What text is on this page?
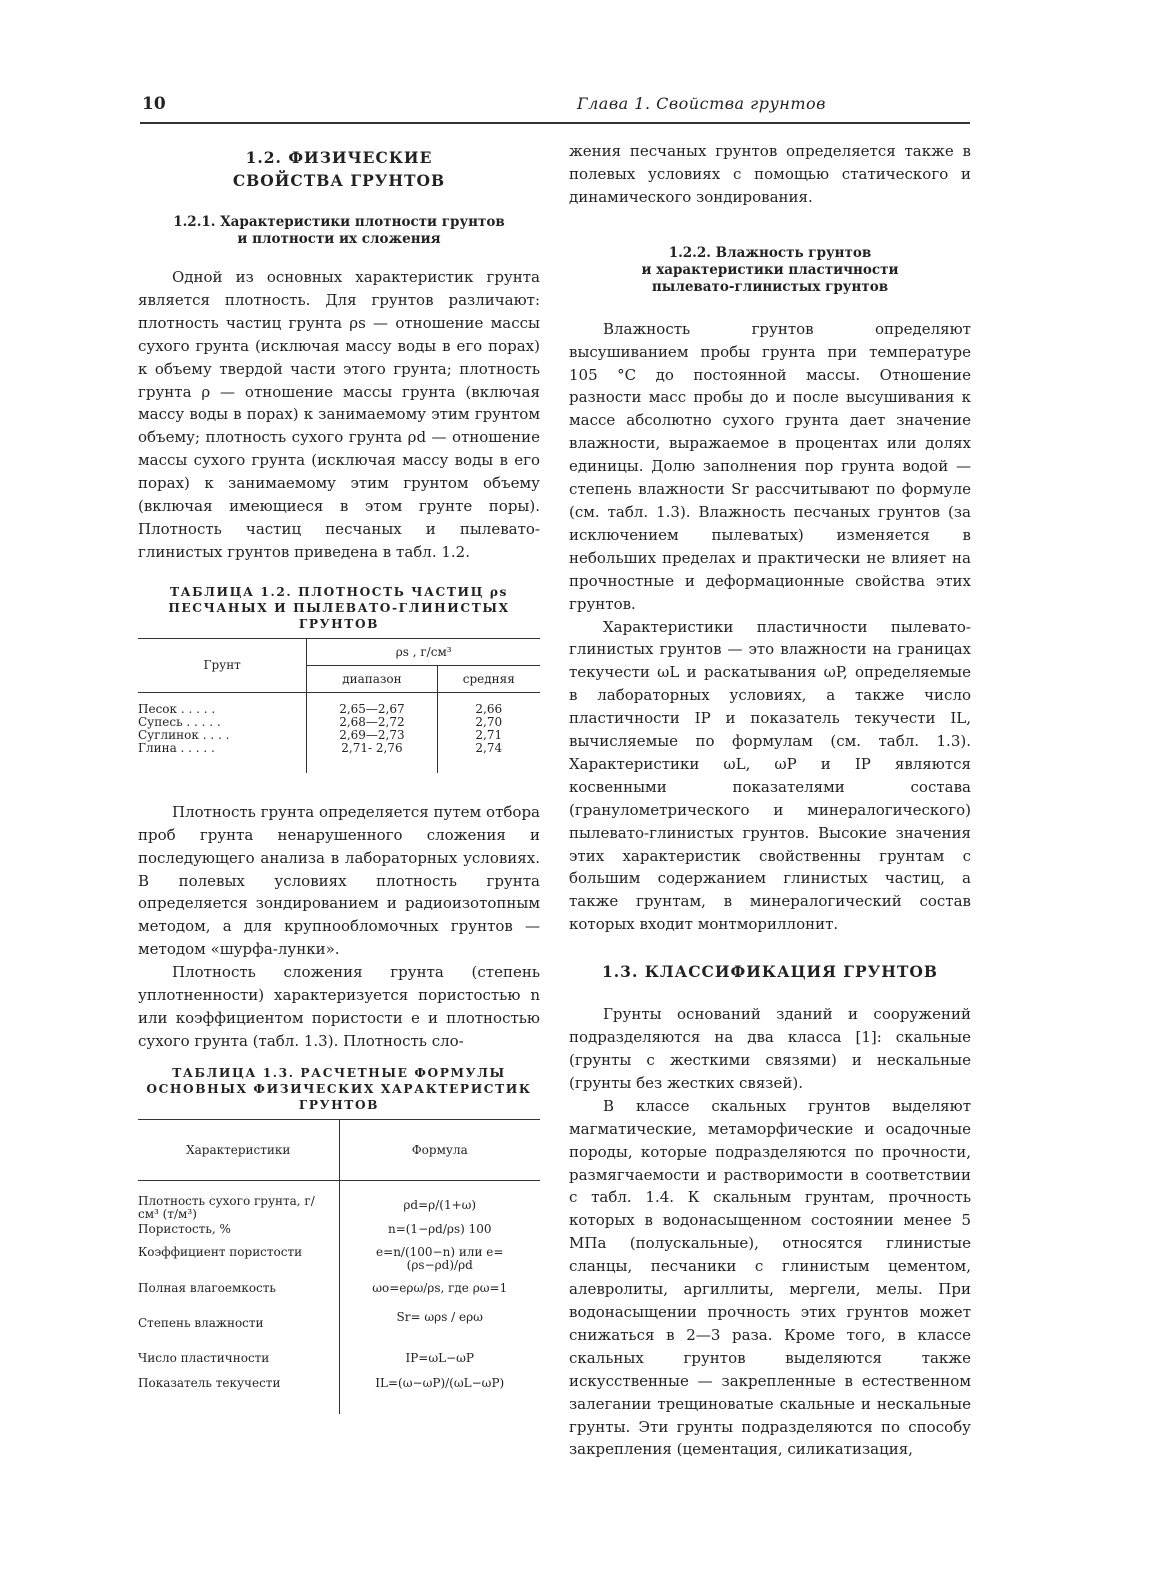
10	Глава 1. Свойства грунтов

1.2. ФИЗИЧЕСКИЕ

СВОЙСТВА ГРУНТОВ

1.2.1. Характеристики плотности грунтов

и плотности их сложения

Одной из основных характеристик грунта является плотность. Для грунтов различают: плотность частиц грунта ρs — отношение массы сухого грунта (исключая массу воды в его порах) к объему твердой части этого грунта; плотность грунта ρ — отношение массы грунта (включая массу воды в порах) к занимаемому этим грунтом объему; плотность сухого грунта ρd — отношение массы сухого грунта (исключая массу воды в его порах) к занимаемому этим грунтом объему (включая имеющиеся в этом грунте поры). Плотность частиц песчаных и пылевато-глинистых грунтов приведена в табл. 1.2.

ТАБЛИЦА 1.2. ПЛОТНОСТЬ ЧАСТИЦ ρs

ПЕСЧАНЫХ И ПЫЛЕВАТО-ГЛИНИСТЫХ ГРУНТОВ

Грунт	ρs , г/см³	
	диапазон	средняя
Песок . . . . .	2,65—2,67	2,66
Супесь . . . . .	2,68—2,72	2,70
Суглинок . . . .	2,69—2,73	2,71
Глина . . . . .	2,71- 2,76	2,74

Плотность грунта определяется путем отбора проб грунта ненарушенного сложения и последующего анализа в лабораторных условиях. В полевых условиях плотность грунта определяется зондированием и радиоизотопным методом, а для крупнообломочных грунтов — методом «шурфа-лунки».

Плотность сложения грунта (степень уплотненности) характеризуется пористостью n или коэффициентом пористости e и плотностью сухого грунта (табл. 1.3). Плотность сло-

ТАБЛИЦА 1.3. РАСЧЕТНЫЕ ФОРМУЛЫ

ОСНОВНЫХ ФИЗИЧЕСКИХ ХАРАКТЕРИСТИК

ГРУНТОВ

Характеристики	Формула
Плотность сухого грунта, г/см³ (т/м³)	ρd=ρ/(1+ω)
Пористость, %	n=(1−ρd/ρs) 100
Коэффициент пористости	e=n/(100−n) или e=(ρs−ρd)/ρd
Полная влагоемкость	ωo=eρω/ρs, где ρω=1
Степень влажности	Sr= ωρs / eρω
Число пластичности	IP=ωL−ωP
Показатель текучести	IL=(ω−ωP)/(ωL−ωP)

жения песчаных грунтов определяется также в полевых условиях с помощью статического и динамического зондирования.

1.2.2. Влажность грунтов

и характеристики пластичности

пылевато-глинистых грунтов

Влажность грунтов определяют высушиванием пробы грунта при температуре 105 °С до постоянной массы. Отношение разности масс пробы до и после высушивания к массе абсолютно сухого грунта дает значение влажности, выражаемое в процентах или долях единицы. Долю заполнения пор грунта водой — степень влажности Sr рассчитывают по формуле (см. табл. 1.3). Влажность песчаных грунтов (за исключением пылеватых) изменяется в небольших пределах и практически не влияет на прочностные и деформационные свойства этих грунтов.

Характеристики пластичности пылевато-глинистых грунтов — это влажности на границах текучести ωL и раскатывания ωP, определяемые в лабораторных условиях, а также число пластичности IP и показатель текучести IL, вычисляемые по формулам (см. табл. 1.3). Характеристики ωL, ωP и IP являются косвенными показателями состава (гранулометрического и минералогического) пылевато-глинистых грунтов. Высокие значения этих характеристик свойственны грунтам с большим содержанием глинистых частиц, а также грунтам, в минералогический состав которых входит монтмориллонит.

1.3. КЛАССИФИКАЦИЯ ГРУНТОВ

Грунты оснований зданий и сооружений подразделяются на два класса [1]: скальные (грунты с жесткими связями) и нескальные (грунты без жестких связей).

В классе скальных грунтов выделяют магматические, метаморфические и осадочные породы, которые подразделяются по прочности, размягчаемости и растворимости в соответствии с табл. 1.4. К скальным грунтам, прочность которых в водонасыщенном состоянии менее 5 МПа (полускальные), относятся глинистые сланцы, песчаники с глинистым цементом, алевролиты, аргиллиты, мергели, мелы. При водонасыщении прочность этих грунтов может снижаться в 2—3 раза. Кроме того, в классе скальных грунтов выделяются также искусственные — закрепленные в естественном залегании трещиноватые скальные и нескальные грунты. Эти грунты подразделяются по способу закрепления (цементация, силикатизация,
